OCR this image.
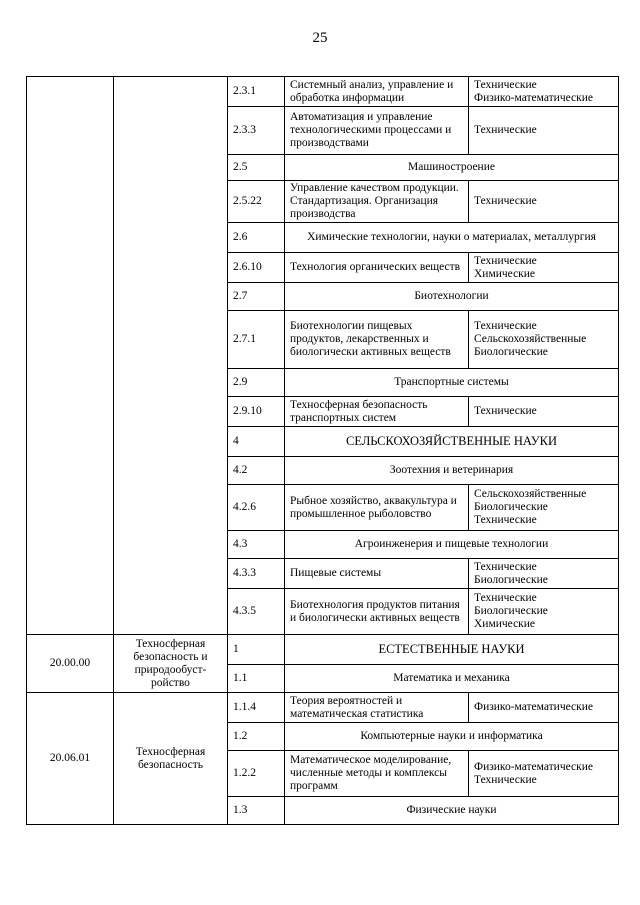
25
		2.3.1	Системный анализ, управление и обработка информации	Технические
Физико-математические

		2.3.3	Автоматизация и управление технологическими процессами и производствами	Технические

		2.5	Машиностроение	
		2.5.22	Управление качеством продукции. Стандартизация. Организация производства	Технические

		2.6	Химические технологии, науки о материалах, металлургия	
		2.6.10	Технология органических веществ	Технические
Химические

		2.7	Биотехнологии	
		2.7.1	Биотехнологии пищевых продуктов, лекарственных и биологически активных веществ	Технические
Сельскохозяйственные
Биологические

		2.9	Транспортные системы	
		2.9.10	Техносферная безопасность транспортных систем	Технические

		4	СЕЛЬСКОХОЗЯЙСТВЕННЫЕ НАУКИ	
		4.2	Зоотехния и ветеринария	
		4.2.6	Рыбное хозяйство, аквакультура и промышленное рыболовство	Сельскохозяйственные
Биологические
Технические

		4.3	Агроинженерия и пищевые технологии	
		4.3.3	Пищевые системы	Технические
Биологические

		4.3.5	Биотехнология продуктов питания и биологически активных веществ	Технические
Биологические
Химические

20.00.00	Техносферная безопасность и природообуст-ройство	1	ЕСТЕСТВЕННЫЕ НАУКИ	
		1.1	Математика и механика	
20.06.01	Техносферная безопасность	1.1.4	Теория вероятностей и математическая статистика	Физико-математические

		1.2	Компьютерные науки и информатика	
		1.2.2	Математическое моделирование, численные методы и комплексы программ	Физико-математические
Технические

		1.3	Физические науки	
